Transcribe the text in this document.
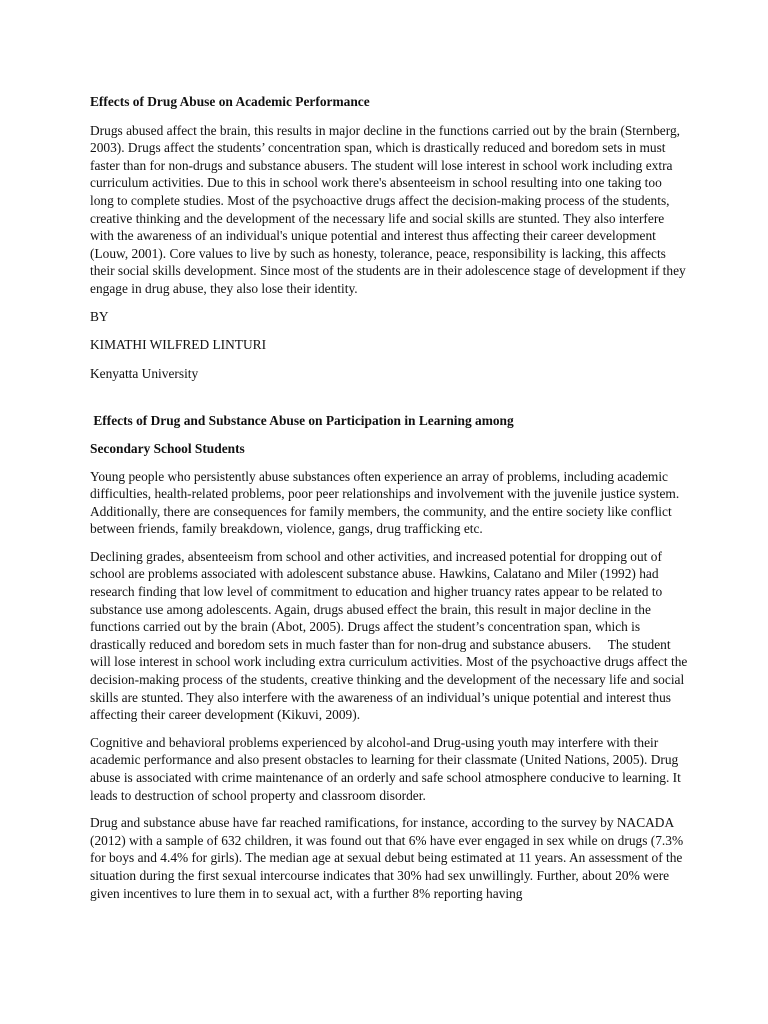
Effects of Drug Abuse on Academic Performance
Drugs abused affect the brain, this results in major decline in the functions carried out by the brain (Sternberg, 2003). Drugs affect the students’ concentration span, which is drastically reduced and boredom sets in must faster than for non-drugs and substance abusers. The student will lose interest in school work including extra curriculum activities. Due to this in school work there's absenteeism in school resulting into one taking too long to complete studies. Most of the psychoactive drugs affect the decision-making process of the students, creative thinking and the development of the necessary life and social skills are stunted. They also interfere with the awareness of an individual's unique potential and interest thus affecting their career development (Louw, 2001). Core values to live by such as honesty, tolerance, peace, responsibility is lacking, this affects their social skills development. Since most of the students are in their adolescence stage of development if they engage in drug abuse, they also lose their identity.
BY
KIMATHI WILFRED LINTURI
Kenyatta University
Effects of Drug and Substance Abuse on Participation in Learning among
Secondary School Students
Young people who persistently abuse substances often experience an array of problems, including academic difficulties, health-related problems, poor peer relationships and involvement with the juvenile justice system. Additionally, there are consequences for family members, the community, and the entire society like conflict between friends, family breakdown, violence, gangs, drug trafficking etc.
Declining grades, absenteeism from school and other activities, and increased potential for dropping out of school are problems associated with adolescent substance abuse. Hawkins, Calatano and Miler (1992) had research finding that low level of commitment to education and higher truancy rates appear to be related to substance use among adolescents. Again, drugs abused effect the brain, this result in major decline in the functions carried out by the brain (Abot, 2005). Drugs affect the student’s concentration span, which is drastically reduced and boredom sets in much faster than for non-drug and substance abusers.     The student will lose interest in school work including extra curriculum activities. Most of the psychoactive drugs affect the decision-making process of the students, creative thinking and the development of the necessary life and social skills are stunted. They also interfere with the awareness of an individual’s unique potential and interest thus affecting their career development (Kikuvi, 2009).
Cognitive and behavioral problems experienced by alcohol-and Drug-using youth may interfere with their academic performance and also present obstacles to learning for their classmate (United Nations, 2005). Drug abuse is associated with crime maintenance of an orderly and safe school atmosphere conducive to learning. It leads to destruction of school property and classroom disorder.
Drug and substance abuse have far reached ramifications, for instance, according to the survey by NACADA (2012) with a sample of 632 children, it was found out that 6% have ever engaged in sex while on drugs (7.3%   for boys and 4.4% for girls). The median age at sexual debut being estimated at 11 years. An assessment of the situation during the first sexual intercourse indicates that 30% had sex unwillingly. Further, about 20% were given incentives to lure them in to sexual act, with a further 8% reporting having
